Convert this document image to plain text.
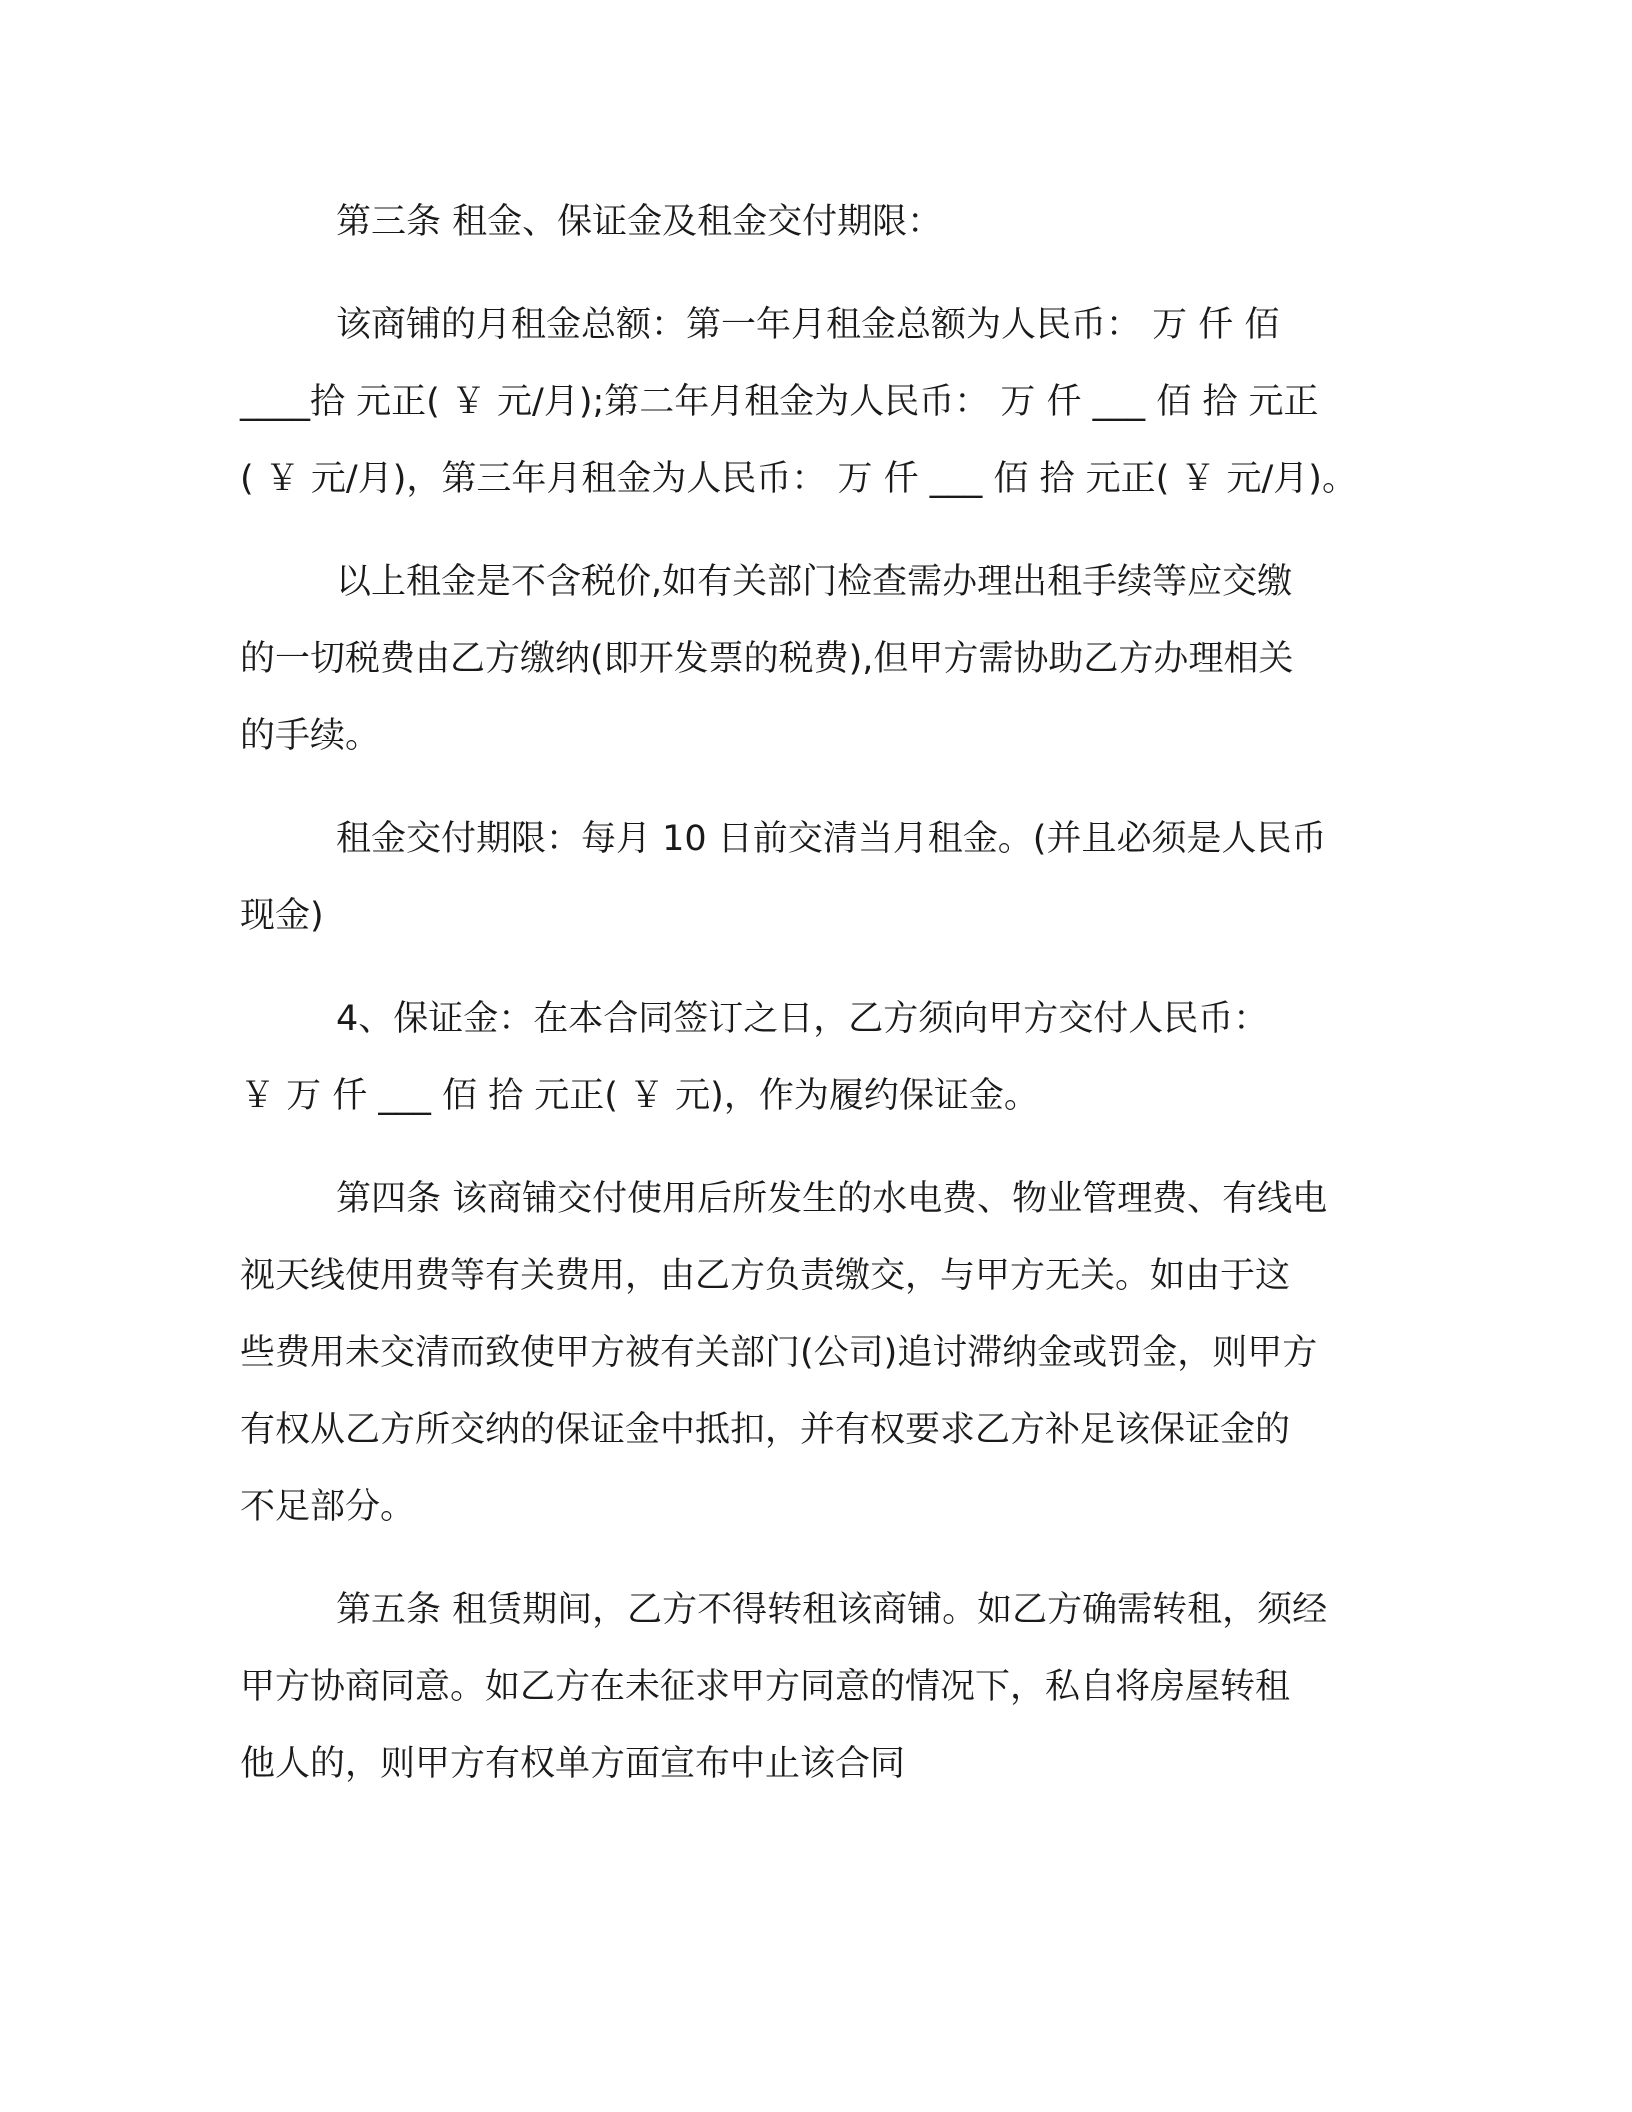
第三条 租金、保证金及租金交付期限：

该商铺的月租金总额：第一年月租金总额为人民币： 万 仟 佰
____拾 元正( ￥ 元/月);第二年月租金为人民币： 万 仟 ___ 佰 拾 元正
( ￥ 元/月)，第三年月租金为人民币： 万 仟 ___ 佰 拾 元正( ￥ 元/月)。

以上租金是不含税价,如有关部门检查需办理出租手续等应交缴
的一切税费由乙方缴纳(即开发票的税费),但甲方需协助乙方办理相关
的手续。

租金交付期限：每月 10 日前交清当月租金。(并且必须是人民币
现金)

4、保证金：在本合同签订之日，乙方须向甲方交付人民币：
￥ 万 仟 ___ 佰 拾 元正( ￥ 元)，作为履约保证金。

第四条 该商铺交付使用后所发生的水电费、物业管理费、有线电
视天线使用费等有关费用，由乙方负责缴交，与甲方无关。如由于这
些费用未交清而致使甲方被有关部门(公司)追讨滞纳金或罚金，则甲方
有权从乙方所交纳的保证金中抵扣，并有权要求乙方补足该保证金的
不足部分。

第五条 租赁期间，乙方不得转租该商铺。如乙方确需转租，须经
甲方协商同意。如乙方在未征求甲方同意的情况下，私自将房屋转租
他人的，则甲方有权单方面宣布中止该合同
